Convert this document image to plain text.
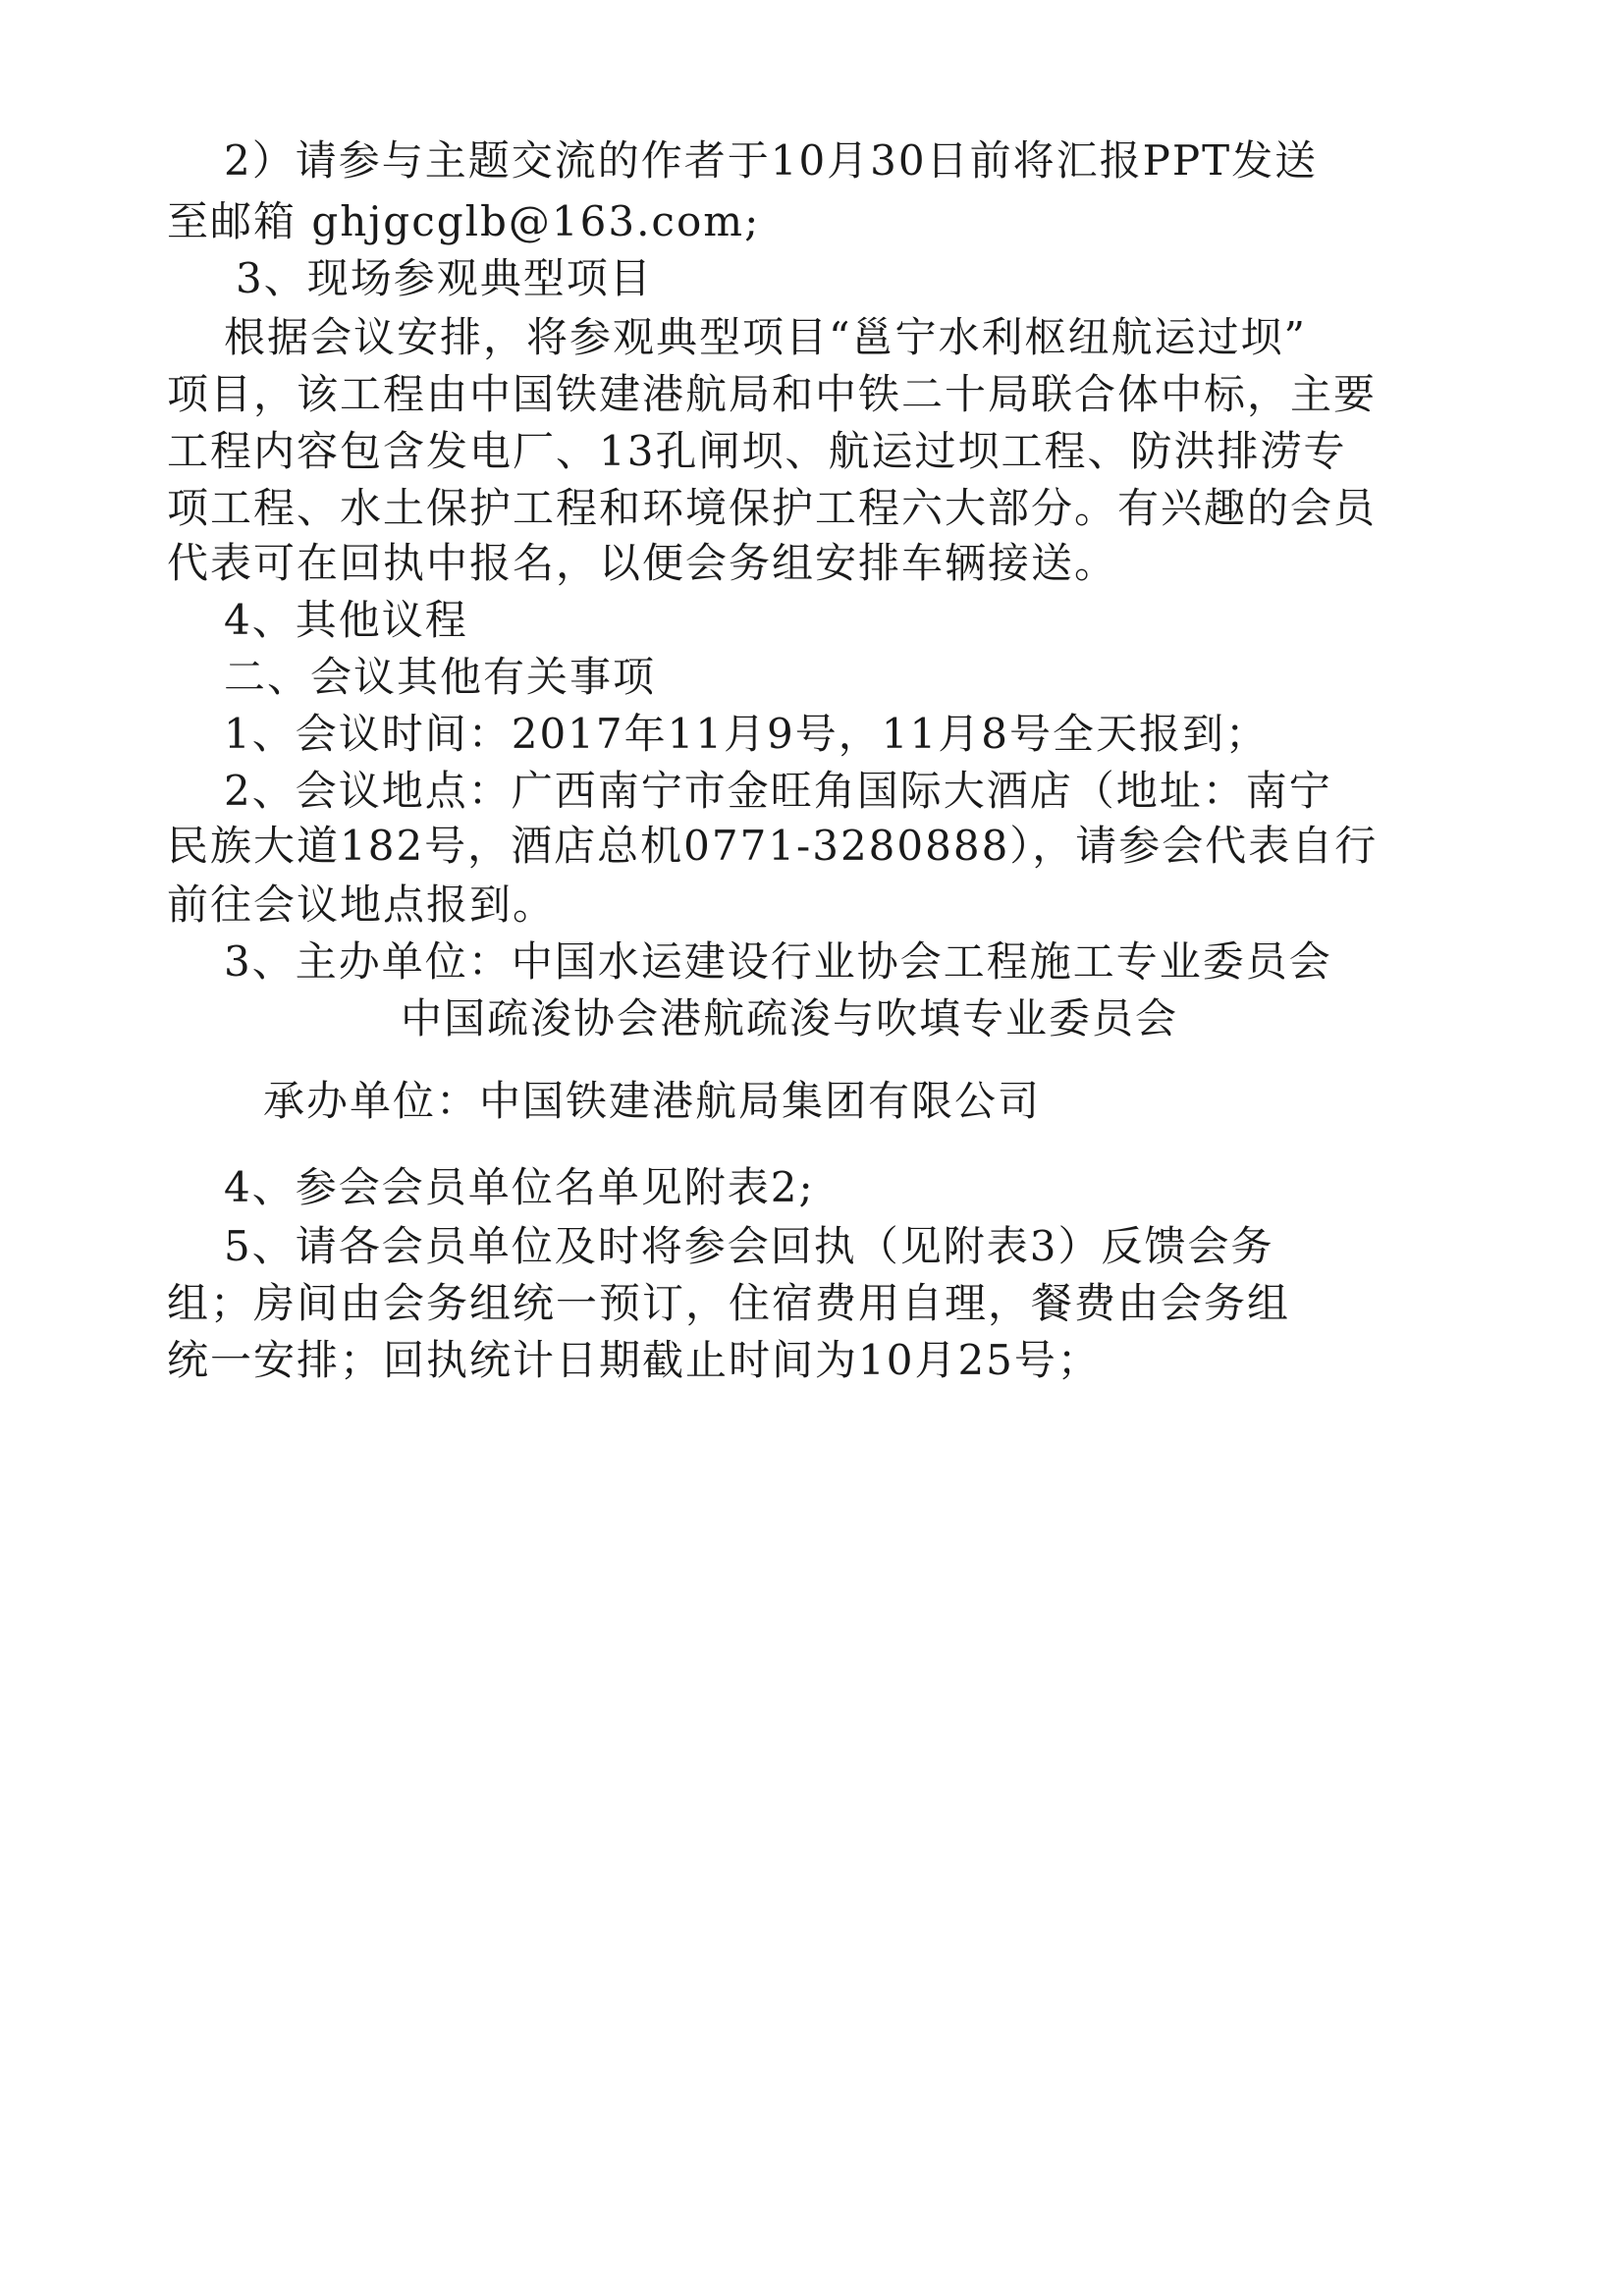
2）请参与主题交流的作者于10月30日前将汇报PPT发送
至邮箱 ghjgcglb@163.com;
3、现场参观典型项目
根据会议安排，将参观典型项目“邕宁水利枢纽航运过坝”
项目，该工程由中国铁建港航局和中铁二十局联合体中标，主要
工程内容包含发电厂、13孔闸坝、航运过坝工程、防洪排涝专
项工程、水土保护工程和环境保护工程六大部分。有兴趣的会员
代表可在回执中报名，以便会务组安排车辆接送。
4、其他议程
二、会议其他有关事项
1、会议时间：2017年11月9号，11月8号全天报到；
2、会议地点：广西南宁市金旺角国际大酒店（地址：南宁
民族大道182号，酒店总机0771-3280888），请参会代表自行
前往会议地点报到。
3、主办单位：中国水运建设行业协会工程施工专业委员会
中国疏浚协会港航疏浚与吹填专业委员会
承办单位：中国铁建港航局集团有限公司
4、参会会员单位名单见附表2;
5、请各会员单位及时将参会回执（见附表3）反馈会务
组；房间由会务组统一预订，住宿费用自理，餐费由会务组
统一安排；回执统计日期截止时间为10月25号；
